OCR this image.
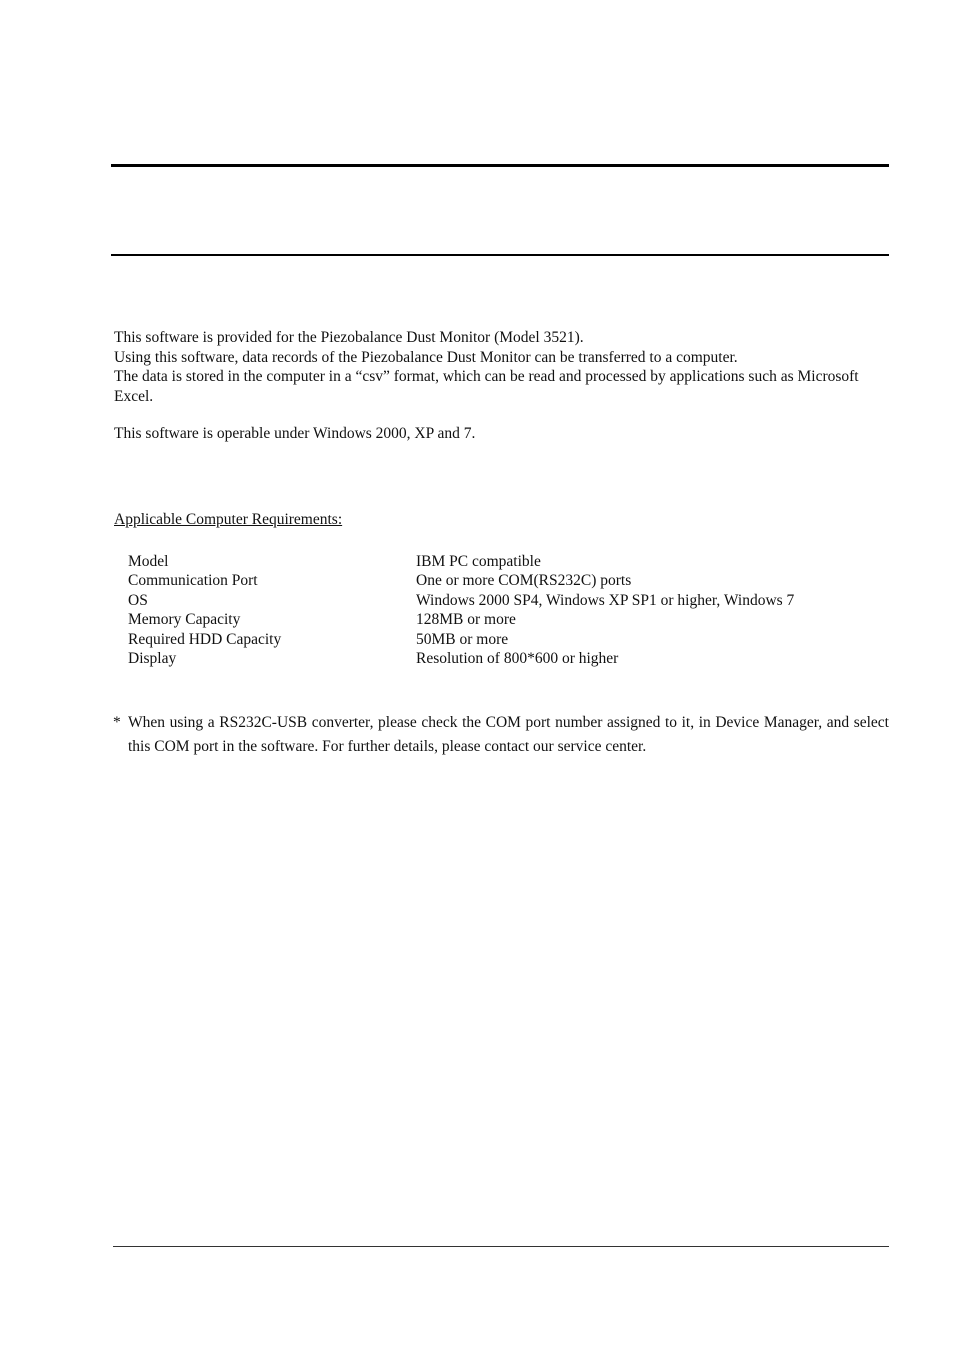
This software is provided for the Piezobalance Dust Monitor (Model 3521).

Using this software, data records of the Piezobalance Dust Monitor can be transferred to a computer.

The data is stored in the computer in a “csv” format, which can be read and processed by applications such as Microsoft Excel.

This software is operable under Windows 2000, XP and 7.
Applicable Computer Requirements:
Model	IBM PC compatible
Communication Port	One or more COM(RS232C) ports
OS	Windows 2000 SP4, Windows XP SP1 or higher, Windows 7
Memory Capacity	128MB or more
Required HDD Capacity	50MB or more
Display	Resolution of 800*600 or higher
* When using a RS232C-USB converter, please check the COM port number assigned to it, in Device Manager, and select this COM port in the software. For further details, please contact our service center.
